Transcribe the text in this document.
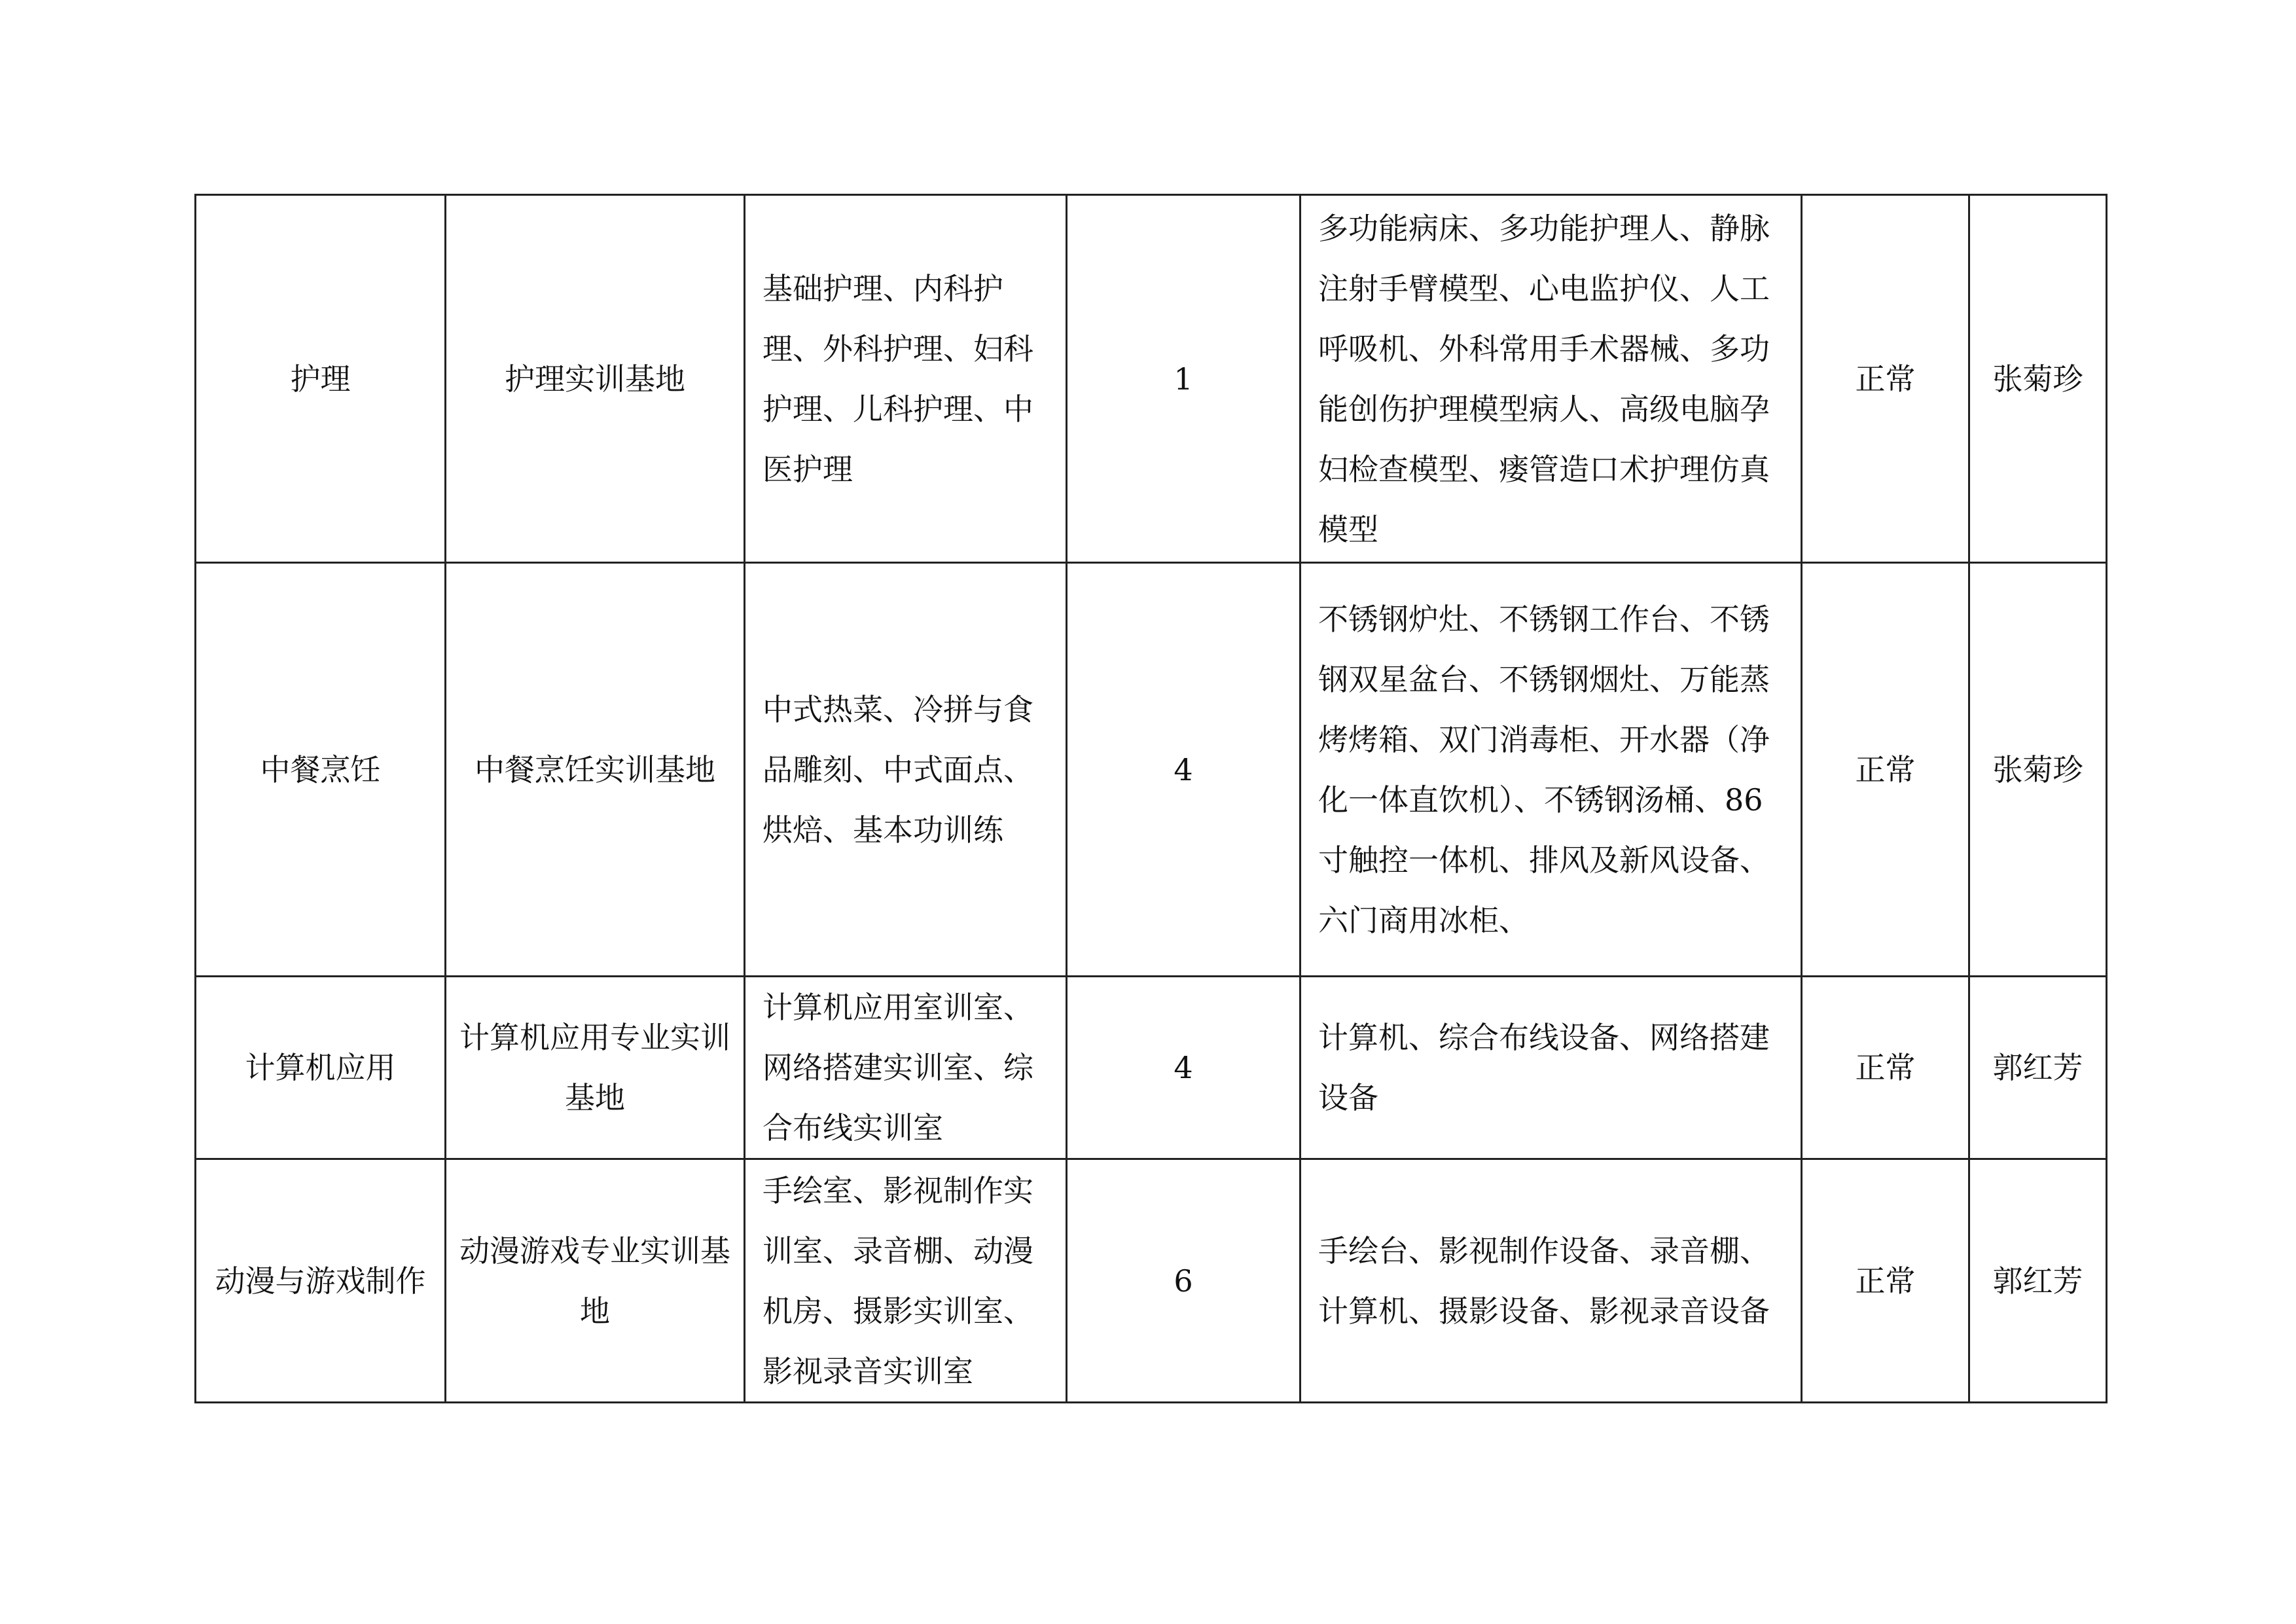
护理	护理实训基地	基础护理、内科护理、外科护理、妇科护理、儿科护理、中医护理	1	多功能病床、多功能护理人、静脉注射手臂模型、心电监护仪、人工呼吸机、外科常用手术器械、多功能创伤护理模型病人、高级电脑孕妇检查模型、瘘管造口术护理仿真模型	正常	张菊珍

中餐烹饪	中餐烹饪实训基地	中式热菜、冷拼与食品雕刻、中式面点、烘焙、基本功训练	4	不锈钢炉灶、不锈钢工作台、不锈钢双星盆台、不锈钢烟灶、万能蒸烤烤箱、双门消毒柜、开水器（净化一体直饮机）、不锈钢汤桶、86寸触控一体机、排风及新风设备、六门商用冰柜、	正常	张菊珍

计算机应用	计算机应用专业实训基地	计算机应用室训室、网络搭建实训室、综合布线实训室	4	计算机、综合布线设备、网络搭建设备	正常	郭红芳

动漫与游戏制作	动漫游戏专业实训基地	手绘室、影视制作实训室、录音棚、动漫机房、摄影实训室、影视录音实训室	6	手绘台、影视制作设备、录音棚、计算机、摄影设备、影视录音设备	正常	郭红芳
